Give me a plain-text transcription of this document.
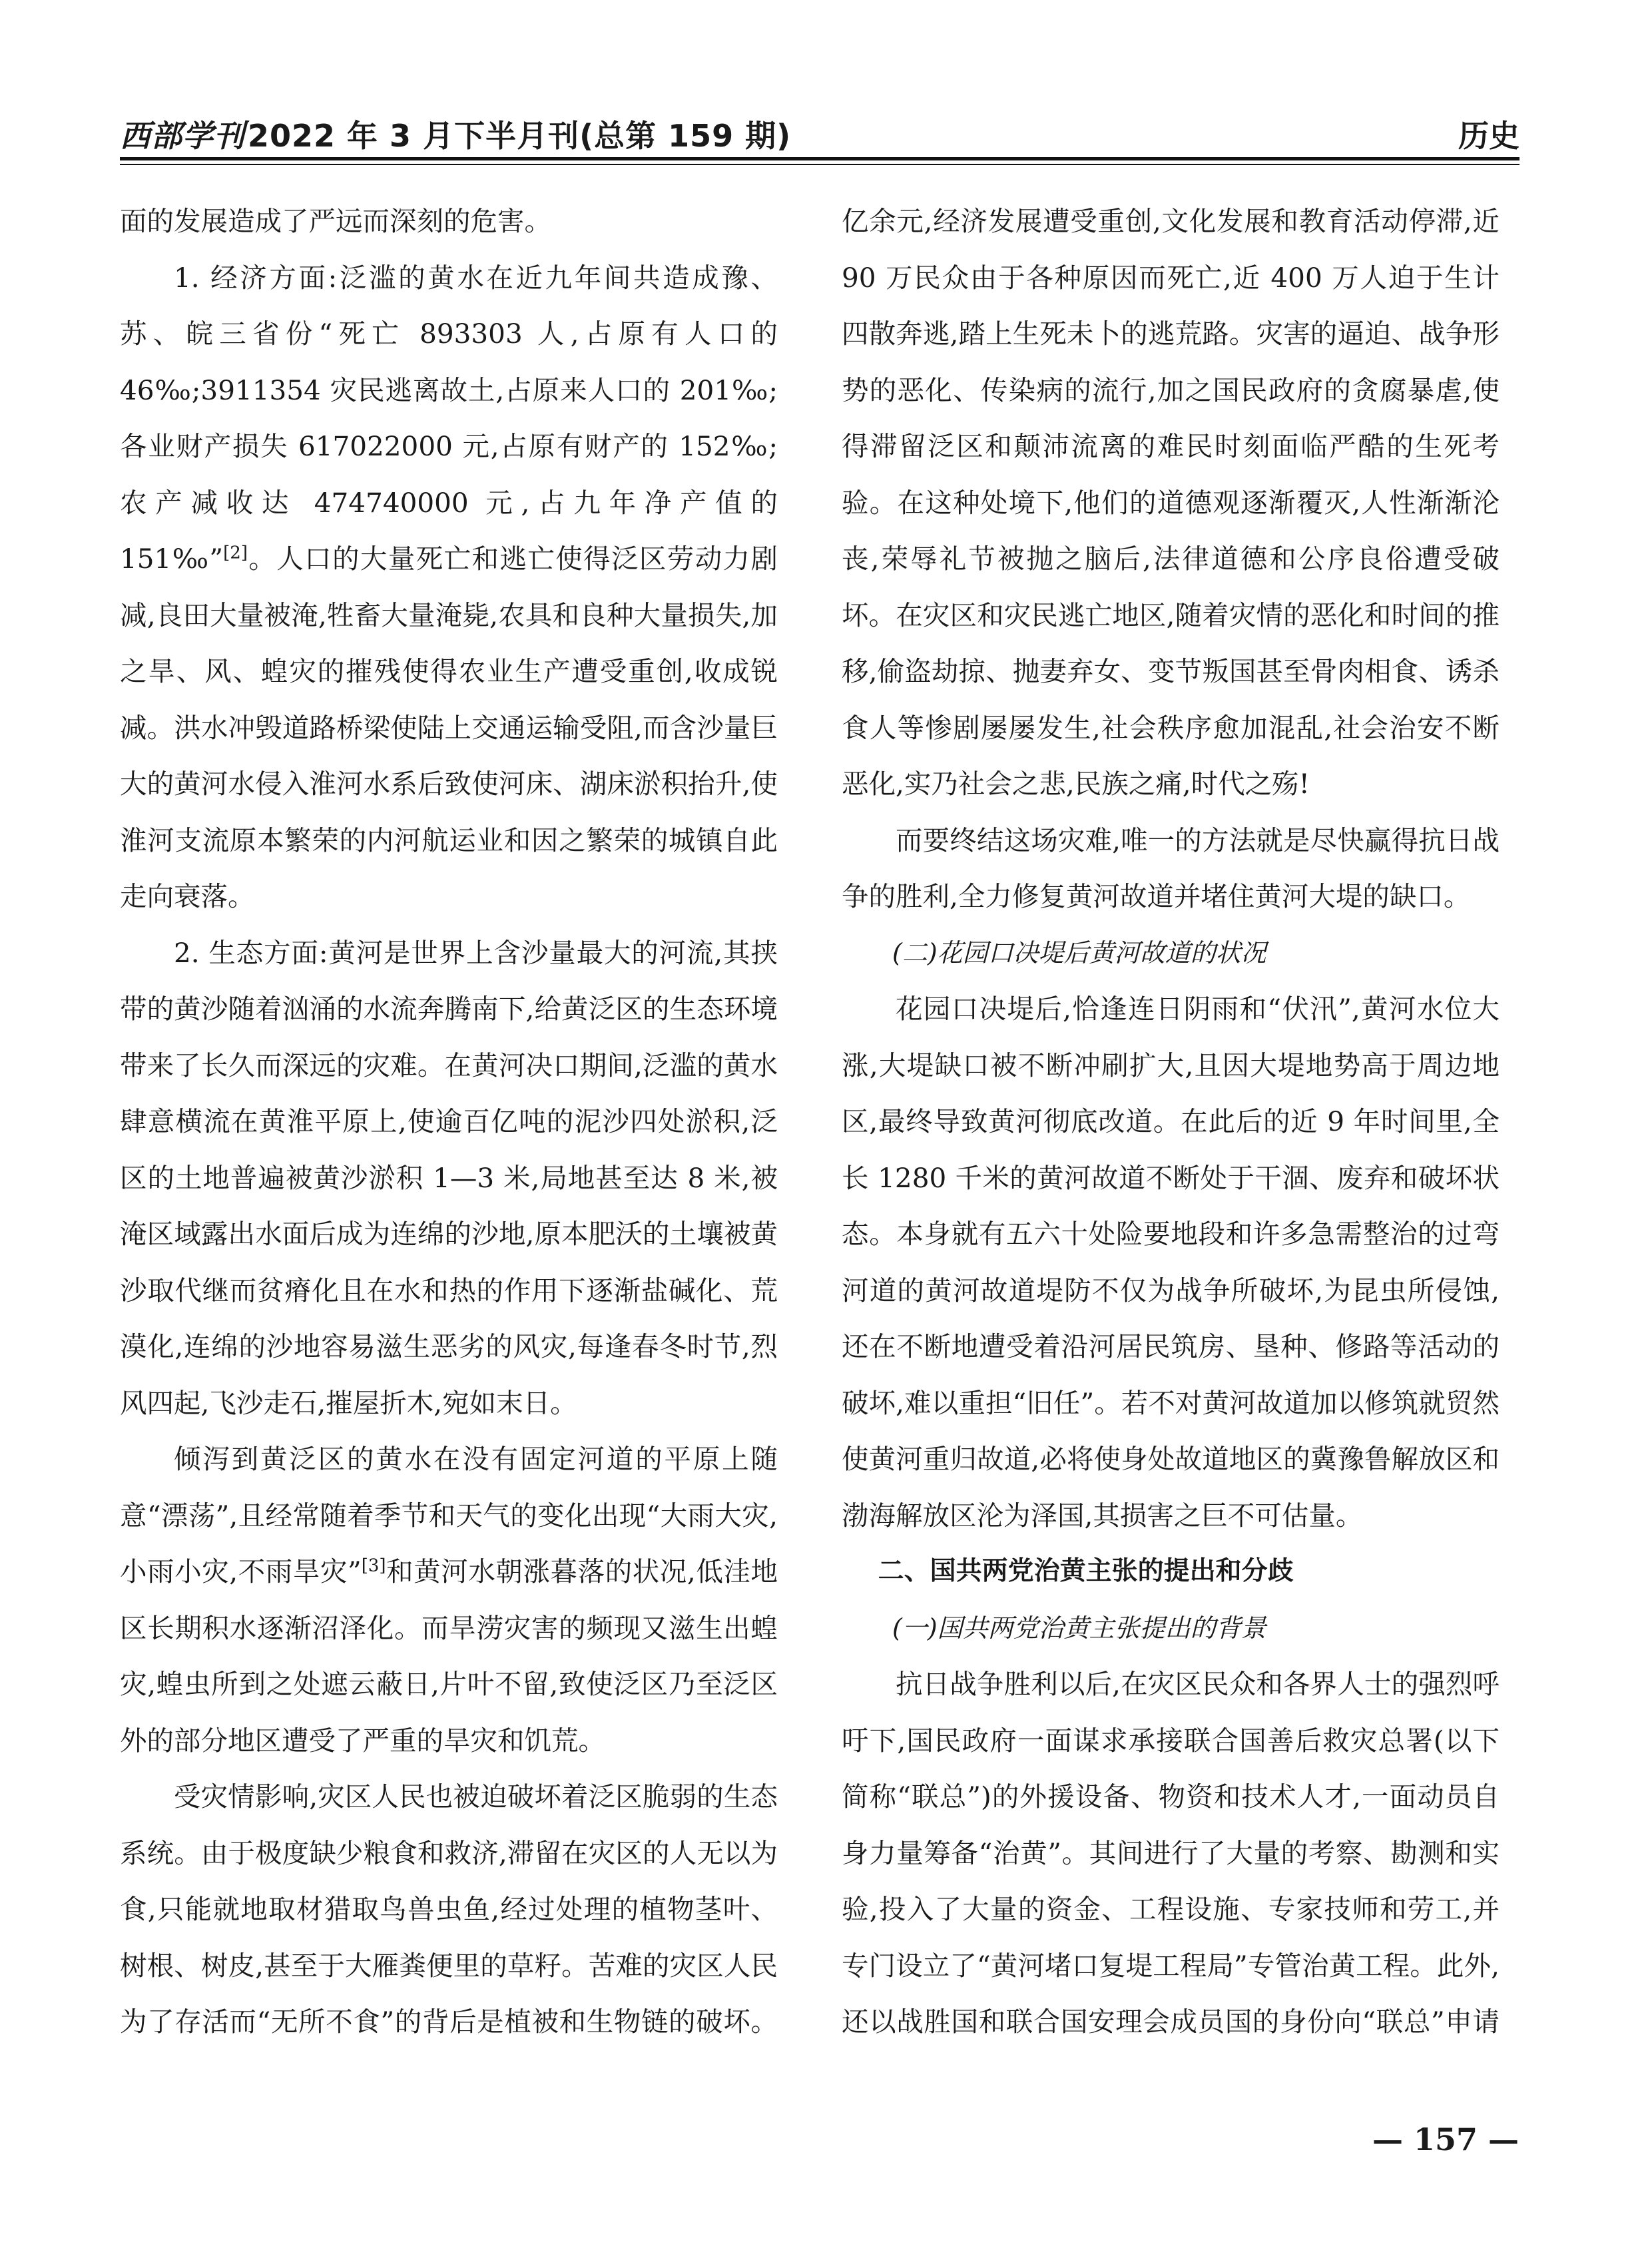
西部学刊2022 年 3 月下半月刊(总第 159 期)	历史

面的发展造成了严远而深刻的危害。

1. 经济方面:泛滥的黄水在近九年间共造成豫、苏、皖三省份“死亡 893303 人,占原有人口的 46‰;3911354 灾民逃离故土,占原来人口的 201‰;各业财产损失 617022000 元,占原有财产的 152‰;农产减收达 474740000 元,占九年净产值的 151‰”[2]。人口的大量死亡和逃亡使得泛区劳动力剧减,良田大量被淹,牲畜大量淹毙,农具和良种大量损失,加之旱、风、蝗灾的摧残使得农业生产遭受重创,收成锐减。洪水冲毁道路桥梁使陆上交通运输受阻,而含沙量巨大的黄河水侵入淮河水系后致使河床、湖床淤积抬升,使淮河支流原本繁荣的内河航运业和因之繁荣的城镇自此走向衰落。

2. 生态方面:黄河是世界上含沙量最大的河流,其挟带的黄沙随着汹涌的水流奔腾南下,给黄泛区的生态环境带来了长久而深远的灾难。在黄河决口期间,泛滥的黄水肆意横流在黄淮平原上,使逾百亿吨的泥沙四处淤积,泛区的土地普遍被黄沙淤积 1—3 米,局地甚至达 8 米,被淹区域露出水面后成为连绵的沙地,原本肥沃的土壤被黄沙取代继而贫瘠化且在水和热的作用下逐渐盐碱化、荒漠化,连绵的沙地容易滋生恶劣的风灾,每逢春冬时节,烈风四起,飞沙走石,摧屋折木,宛如末日。

倾泻到黄泛区的黄水在没有固定河道的平原上随意“漂荡”,且经常随着季节和天气的变化出现“大雨大灾,小雨小灾,不雨旱灾”[3]和黄河水朝涨暮落的状况,低洼地区长期积水逐渐沼泽化。而旱涝灾害的频现又滋生出蝗灾,蝗虫所到之处遮云蔽日,片叶不留,致使泛区乃至泛区外的部分地区遭受了严重的旱灾和饥荒。

受灾情影响,灾区人民也被迫破坏着泛区脆弱的生态系统。由于极度缺少粮食和救济,滞留在灾区的人无以为食,只能就地取材猎取鸟兽虫鱼,经过处理的植物茎叶、树根、树皮,甚至于大雁粪便里的草籽。苦难的灾区人民为了存活而“无所不食”的背后是植被和生物链的破坏。

亿余元,经济发展遭受重创,文化发展和教育活动停滞,近 90 万民众由于各种原因而死亡,近 400 万人迫于生计四散奔逃,踏上生死未卜的逃荒路。灾害的逼迫、战争形势的恶化、传染病的流行,加之国民政府的贪腐暴虐,使得滞留泛区和颠沛流离的难民时刻面临严酷的生死考验。在这种处境下,他们的道德观逐渐覆灭,人性渐渐沦丧,荣辱礼节被抛之脑后,法律道德和公序良俗遭受破坏。在灾区和灾民逃亡地区,随着灾情的恶化和时间的推移,偷盗劫掠、抛妻弃女、变节叛国甚至骨肉相食、诱杀食人等惨剧屡屡发生,社会秩序愈加混乱,社会治安不断恶化,实乃社会之悲,民族之痛,时代之殇!

而要终结这场灾难,唯一的方法就是尽快赢得抗日战争的胜利,全力修复黄河故道并堵住黄河大堤的缺口。

(二)花园口决堤后黄河故道的状况

花园口决堤后,恰逢连日阴雨和“伏汛”,黄河水位大涨,大堤缺口被不断冲刷扩大,且因大堤地势高于周边地区,最终导致黄河彻底改道。在此后的近 9 年时间里,全长 1280 千米的黄河故道不断处于干涸、废弃和破坏状态。本身就有五六十处险要地段和许多急需整治的过弯河道的黄河故道堤防不仅为战争所破坏,为昆虫所侵蚀,还在不断地遭受着沿河居民筑房、垦种、修路等活动的破坏,难以重担“旧任”。若不对黄河故道加以修筑就贸然使黄河重归故道,必将使身处故道地区的冀豫鲁解放区和渤海解放区沦为泽国,其损害之巨不可估量。

二、国共两党治黄主张的提出和分歧

(一)国共两党治黄主张提出的背景

抗日战争胜利以后,在灾区民众和各界人士的强烈呼吁下,国民政府一面谋求承接联合国善后救灾总署(以下简称“联总”)的外援设备、物资和技术人才,一面动员自身力量筹备“治黄”。其间进行了大量的考察、勘测和实验,投入了大量的资金、工程设施、专家技师和劳工,并专门设立了“黄河堵口复堤工程局”专管治黄工程。此外,还以战胜国和联合国安理会成员国的身份向“联总”申请

— 157 —
